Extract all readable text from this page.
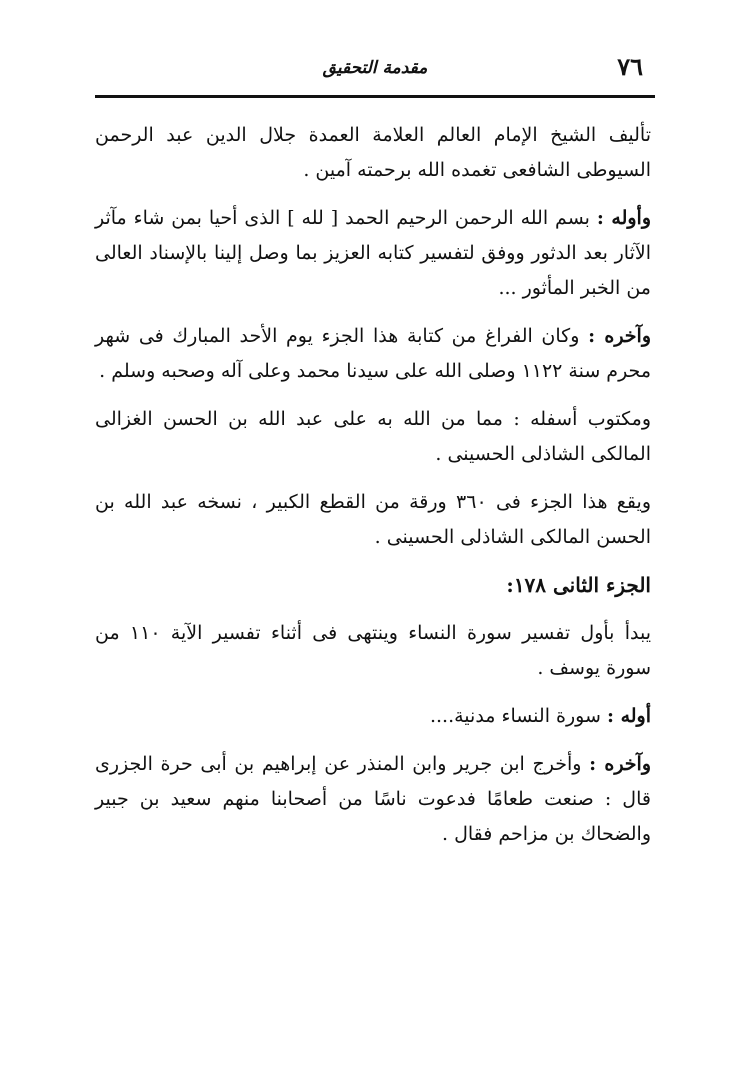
٧٦
مقدمة التحقيق

تأليف الشيخ الإمام العالم العلامة العمدة جلال الدين عبد الرحمن السيوطى الشافعى تغمده الله برحمته آمين .

وأوله : بسم الله الرحمن الرحيم الحمد [ لله ] الذى أحيا بمن شاء مآثر الآثار بعد الدثور ووفق لتفسير كتابه العزيز بما وصل إلينا بالإسناد العالى من الخبر المأثور ...

وآخره : وكان الفراغ من كتابة هذا الجزء يوم الأحد المبارك فى شهر محرم سنة ١١٢٢ وصلى الله على سيدنا محمد وعلى آله وصحبه وسلم .

ومكتوب أسفله : مما من الله به على عبد الله بن الحسن الغزالى المالكى الشاذلى الحسينى .

ويقع هذا الجزء فى ٣٦٠ ورقة من القطع الكبير ، نسخه عبد الله بن الحسن المالكى الشاذلى الحسينى .

الجزء الثانى ١٧٨:

يبدأ بأول تفسير سورة النساء وينتهى فى أثناء تفسير الآية ١١٠ من سورة يوسف .

أوله : سورة النساء مدنية....

وآخره : وأخرج ابن جرير وابن المنذر عن إبراهيم بن أبى حرة الجزرى قال : صنعت طعامًا فدعوت ناسًا من أصحابنا منهم سعيد بن جبير والضحاك بن مزاحم فقال .
